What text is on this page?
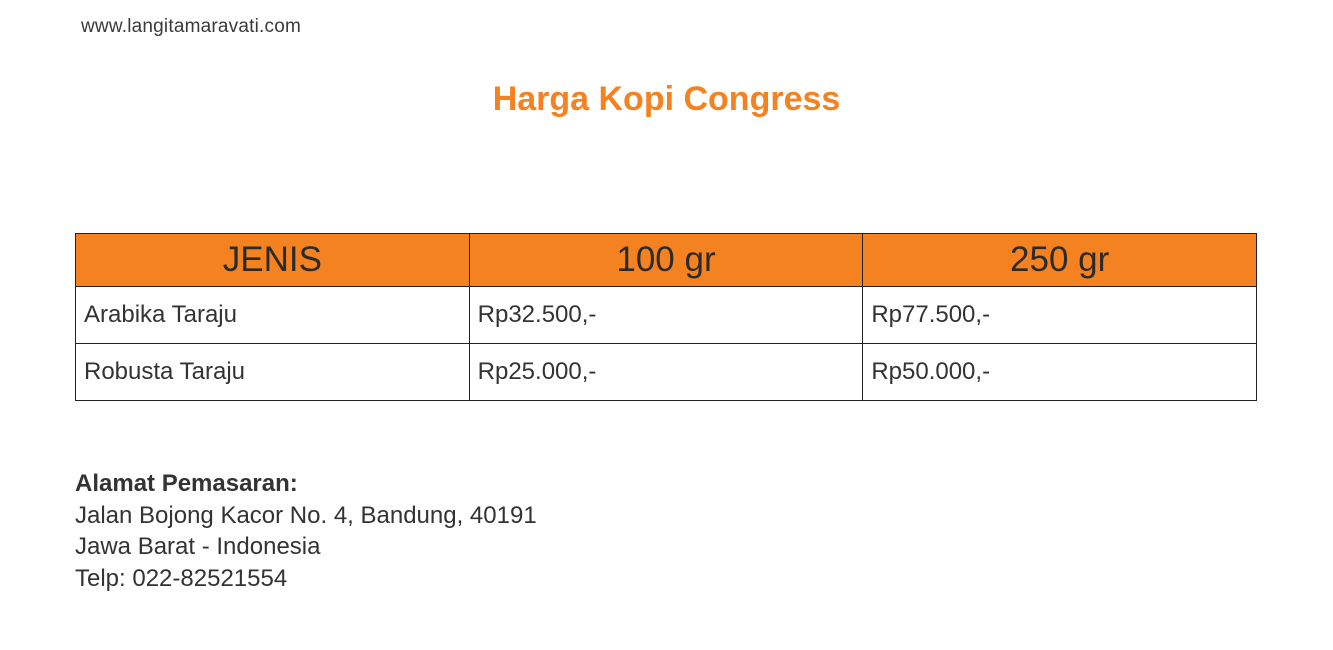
www.langitamaravati.com
Harga Kopi Congress
JENIS	100 gr	250 gr
Arabika Taraju	Rp32.500,-	Rp77.500,-
Robusta Taraju	Rp25.000,-	Rp50.000,-
Alamat Pemasaran:
Jalan Bojong Kacor No. 4, Bandung, 40191
Jawa Barat - Indonesia
Telp: 022-82521554
